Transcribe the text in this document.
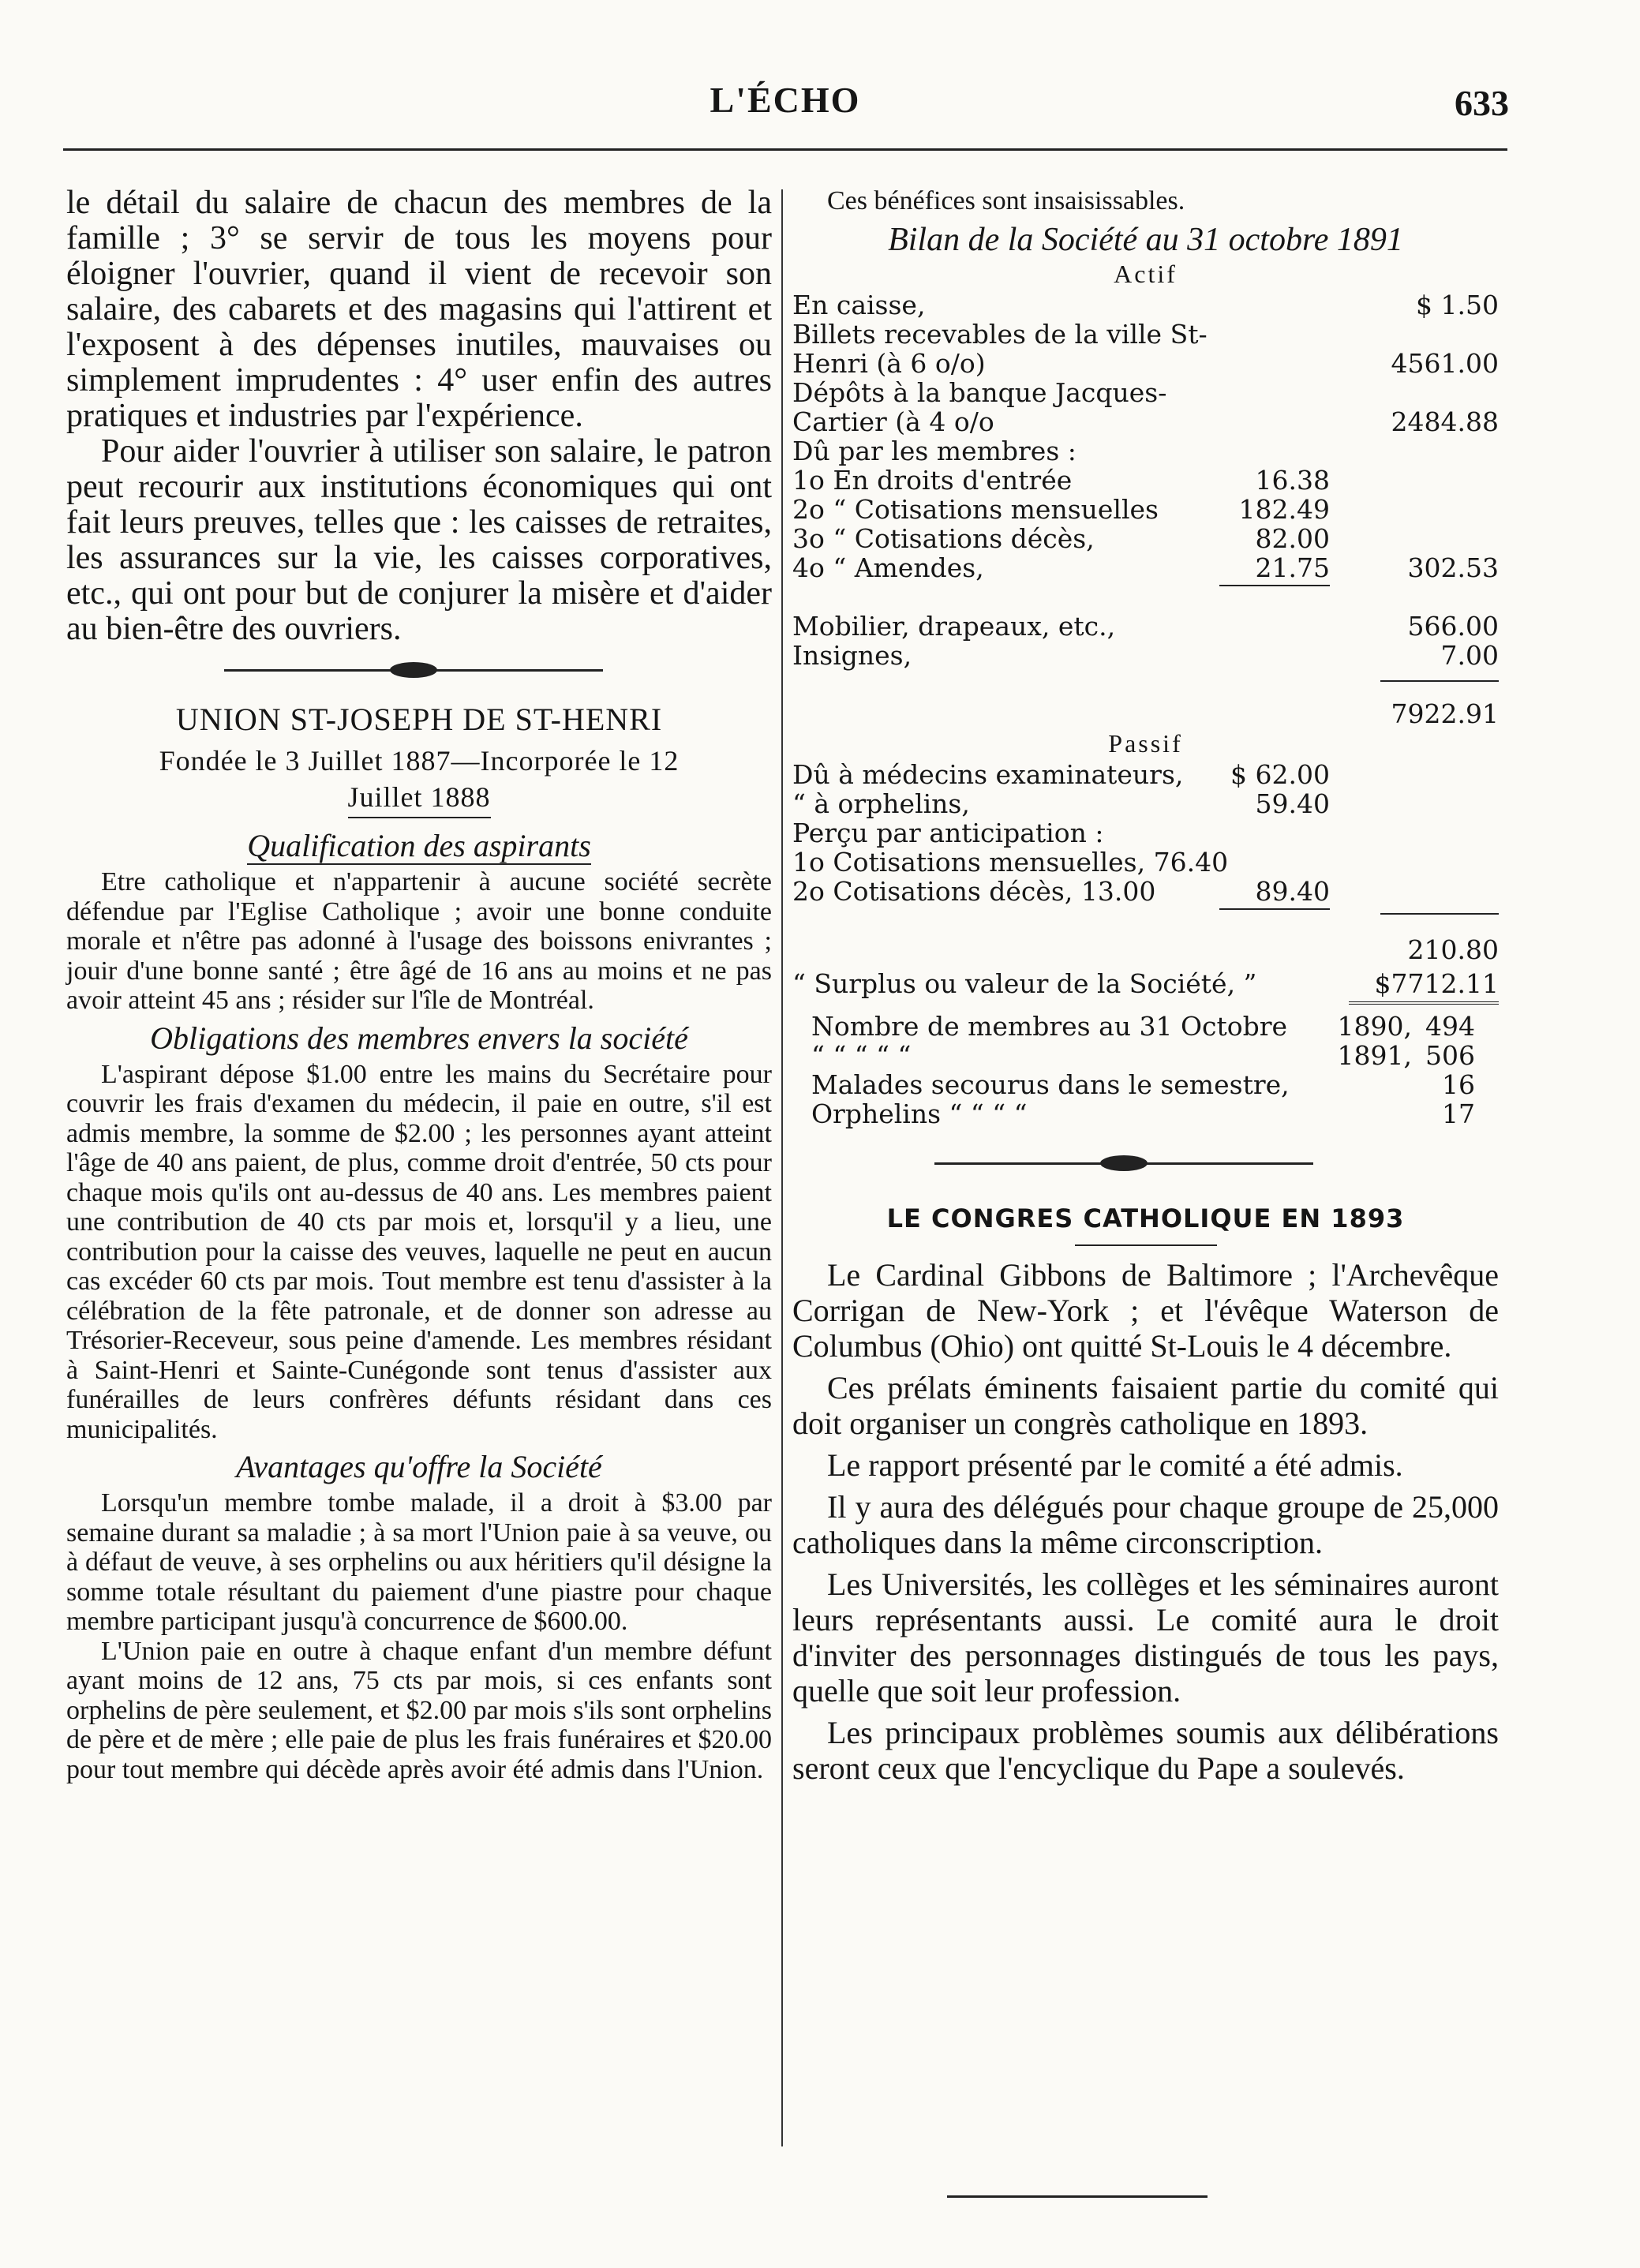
L'ÉCHO	633

le détail du salaire de chacun des membres de la famille ; 3° se servir de tous les moyens pour éloigner l'ouvrier, quand il vient de recevoir son salaire, des cabarets et des magasins qui l'attirent et l'exposent à des dépenses inutiles, mauvaises ou simplement imprudentes : 4° user enfin des autres pratiques et industries par l'expérience.

Pour aider l'ouvrier à utiliser son salaire, le patron peut recourir aux institutions économiques qui ont fait leurs preuves, telles que : les caisses de retraites, les assurances sur la vie, les caisses corporatives, etc., qui ont pour but de conjurer la misère et d'aider au bien-être des ouvriers.

UNION ST-JOSEPH DE ST-HENRI
Fondée le 3 Juillet 1887—Incorporée le 12
Juillet 1888
Qualification des aspirants

Etre catholique et n'appartenir à aucune société secrète défendue par l'Eglise Catholique ; avoir une bonne conduite morale et n'être pas adonné à l'usage des boissons enivrantes ; jouir d'une bonne santé ; être âgé de 16 ans au moins et ne pas avoir atteint 45 ans ; résider sur l'île de Montréal.

Obligations des membres envers la société

L'aspirant dépose $1.00 entre les mains du Secrétaire pour couvrir les frais d'examen du médecin, il paie en outre, s'il est admis membre, la somme de $2.00 ; les personnes ayant atteint l'âge de 40 ans paient, de plus, comme droit d'entrée, 50 cts pour chaque mois qu'ils ont au-dessus de 40 ans. Les membres paient une contribution de 40 cts par mois et, lorsqu'il y a lieu, une contribution pour la caisse des veuves, laquelle ne peut en aucun cas excéder 60 cts par mois. Tout membre est tenu d'assister à la célébration de la fête patronale, et de donner son adresse au Trésorier-Receveur, sous peine d'amende. Les membres résidant à Saint-Henri et Sainte-Cunégonde sont tenus d'assister aux funérailles de leurs confrères défunts résidant dans ces municipalités.

Avantages qu'offre la Société

Lorsqu'un membre tombe malade, il a droit à $3.00 par semaine durant sa maladie ; à sa mort l'Union paie à sa veuve, ou à défaut de veuve, à ses orphelins ou aux héritiers qu'il désigne la somme totale résultant du paiement d'une piastre pour chaque membre participant jusqu'à concurrence de $600.00.

L'Union paie en outre à chaque enfant d'un membre défunt ayant moins de 12 ans, 75 cts par mois, si ces enfants sont orphelins de père seulement, et $2.00 par mois s'ils sont orphelins de père et de mère ; elle paie de plus les frais funéraires et $20.00 pour tout membre qui décède après avoir été admis dans l'Union.

Ces bénéfices sont insaisissables.

Bilan de la Société au 31 octobre 1891
Actif
En caisse,	$ 1.50
Billets recevables de la ville St-
Henri (à 6 o/o)	4561.00
Dépôts à la banque Jacques-
Cartier (à 4 o/o	2484.88
Dû par les membres :
1o En droits d'entrée	16.38
2o “ Cotisations mensuelles	182.49
3o “ Cotisations décès,	82.00
4o “ Amendes,	21.75	302.53
Mobilier, drapeaux, etc.,	566.00
Insignes,	7.00
7922.91
Passif
Dû à médecins examinateurs, $ 62.00
“ à orphelins,	59.40
Perçu par anticipation :
1o Cotisations mensuelles, 76.40
2o Cotisations décès, 13.00	89.40
210.80
“ Surplus ou valeur de la Société, ”	$7712.11
Nombre de membres au 31 Octobre 1890, 494
“ “ “ “ “	1891, 506
Malades secourus dans le semestre,	16
Orphelins “ “ “ “	17
LE CONGRES CATHOLIQUE EN 1893

Le Cardinal Gibbons de Baltimore ; l'Archevêque Corrigan de New-York ; et l'évêque Waterson de Columbus (Ohio) ont quitté St-Louis le 4 décembre.

Ces prélats éminents faisaient partie du comité qui doit organiser un congrès catholique en 1893.

Le rapport présenté par le comité a été admis.

Il y aura des délégués pour chaque groupe de 25,000 catholiques dans la même circonscription.

Les Universités, les collèges et les séminaires auront leurs représentants aussi. Le comité aura le droit d'inviter des personnages distingués de tous les pays, quelle que soit leur profession.

Les principaux problèmes soumis aux délibérations seront ceux que l'encyclique du Pape a soulevés.
